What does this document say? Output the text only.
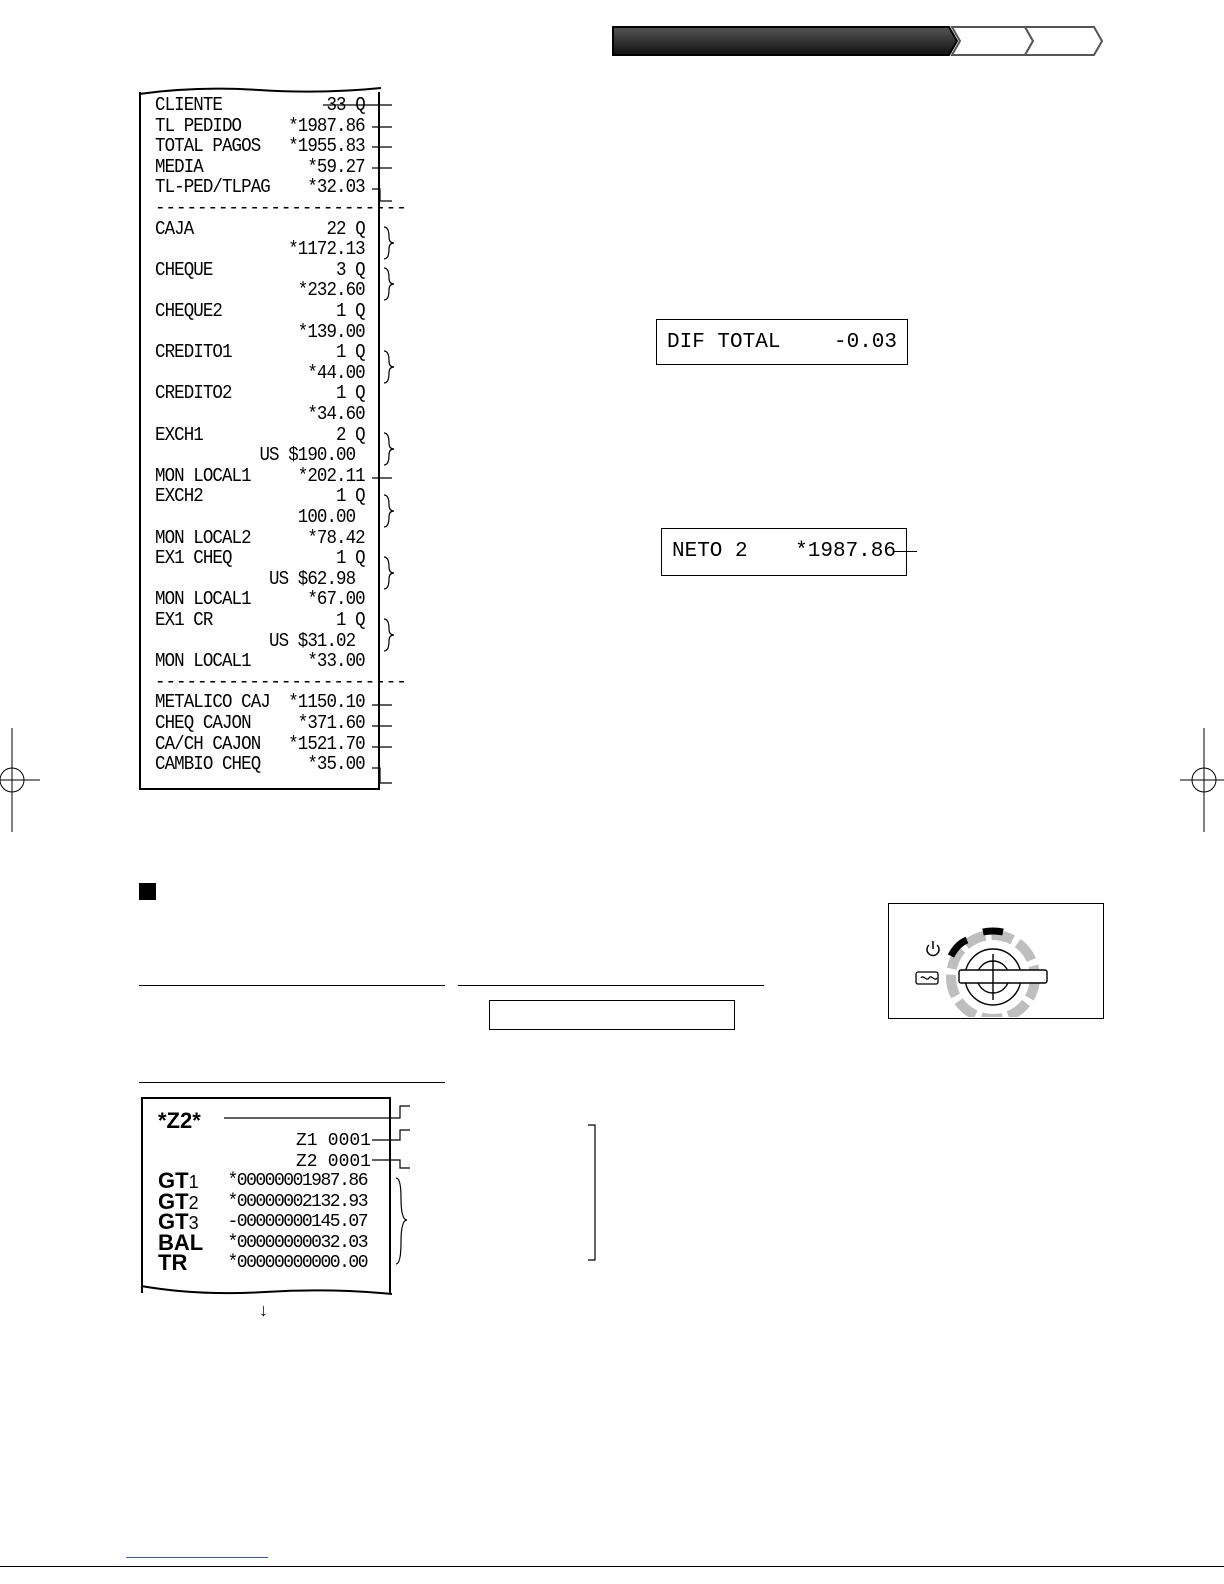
CLIENTE	33 Q
TL PEDIDO *1987.86
TOTAL PAGOS *1955.83
MEDIA	*59.27
TL-PED/TLPAG *32.03
------------------------
CAJA	22 Q
*1172.13
CHEQUE	3 Q
*232.60
CHEQUE2	1 Q
*139.00
CREDITO1	1 Q
*44.00
CREDITO2	1 Q
*34.60
EXCH1	2 Q
US $190.00
MON LOCAL1 *202.11
EXCH2	1 Q
100.00
MON LOCAL2	*78.42
EX1 CHEQ	1 Q
US $62.98
MON LOCAL1	*67.00
EX1 CR	1 Q
US $31.02
MON LOCAL1	*33.00
------------------------
METALICO CAJ *1150.10
CHEQ CAJON *371.60
CA/CH CAJON *1521.70
CAMBIO CHEQ *35.00
DIF TOTAL	-0.03
NETO 2 *1987.86
*Z2*
Z1 0001
Z2 0001
GT1 *00000001987.86
GT2 *00000002132.93
GT3 -00000000145.07
BAL *00000000032.03
TR *00000000000.00
↓
